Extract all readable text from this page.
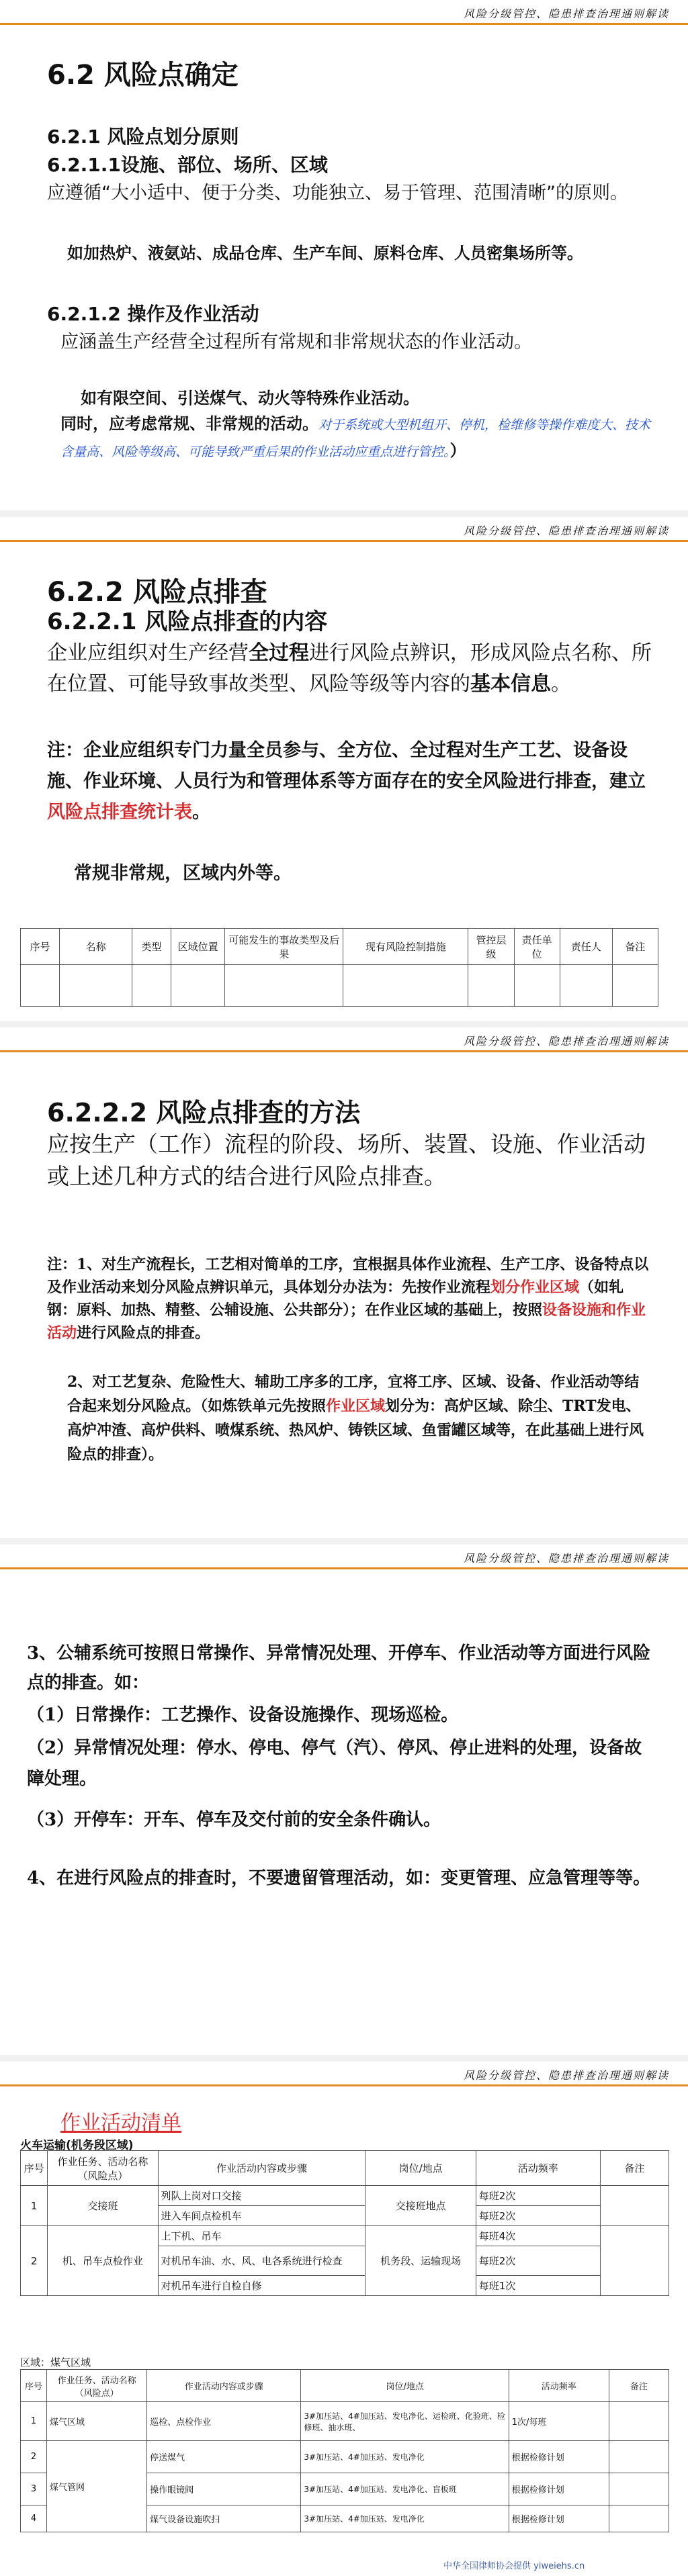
风险分级管控、隐患排查治理通则解读
6.2 风险点确定
6.2.1 风险点划分原则
6.2.1.1设施、部位、场所、区域
应遵循“大小适中、便于分类、功能独立、易于管理、范围清晰”的原则。
如加热炉、液氨站、成品仓库、生产车间、原料仓库、人员密集场所等。
6.2.1.2 操作及作业活动
应涵盖生产经营全过程所有常规和非常规状态的作业活动。
如有限空间、引送煤气、动火等特殊作业活动。
同时，应考虑常规、非常规的活动。对于系统或大型机组开、停机，检维修等操作难度大、技术含量高、风险等级高、可能导致严重后果的作业活动应重点进行管控。）
风险分级管控、隐患排查治理通则解读
6.2.2 风险点排查
6.2.2.1 风险点排查的内容
企业应组织对生产经营全过程进行风险点辨识，形成风险点名称、所在位置、可能导致事故类型、风险等级等内容的基本信息。
注：企业应组织专门力量全员参与、全方位、全过程对生产工艺、设备设施、作业环境、人员行为和管理体系等方面存在的安全风险进行排查，建立风险点排查统计表。
常规非常规，区域内外等。
序号	名称	类型	区域位置	可能发生的事故类型及后果	现有风险控制措施	管控层级	责任单位	责任人	备注

风险分级管控、隐患排查治理通则解读
6.2.2.2 风险点排查的方法
应按生产（工作）流程的阶段、场所、装置、设施、作业活动或上述几种方式的结合进行风险点排查。
注：1、对生产流程长，工艺相对简单的工序，宜根据具体作业流程、生产工序、设备特点以及作业活动来划分风险点辨识单元，具体划分办法为：先按作业流程划分作业区域（如轧钢：原料、加热、精整、公辅设施、公共部分）；在作业区域的基础上，按照设备设施和作业活动进行风险点的排查。
2、对工艺复杂、危险性大、辅助工序多的工序，宜将工序、区域、设备、作业活动等结合起来划分风险点。（如炼铁单元先按照作业区域划分为：高炉区域、除尘、TRT发电、高炉冲渣、高炉供料、喷煤系统、热风炉、铸铁区域、鱼雷罐区域等，在此基础上进行风险点的排查）。
风险分级管控、隐患排查治理通则解读
3、公辅系统可按照日常操作、异常情况处理、开停车、作业活动等方面进行风险点的排查。如：
（1）日常操作：工艺操作、设备设施操作、现场巡检。
（2）异常情况处理：停水、停电、停气（汽）、停风、停止进料的处理，设备故障处理。
（3）开停车：开车、停车及交付前的安全条件确认。
4、在进行风险点的排查时，不要遗留管理活动，如：变更管理、应急管理等等。
风险分级管控、隐患排查治理通则解读
作业活动清单
火车运输(机务段区域)
序号	作业任务、活动名称（风险点）	作业活动内容或步骤	岗位/地点	活动频率	备注
1	交接班	列队上岗对口交接	交接班地点	每班2次	
		进入车间点检机车		每班2次	
2	机、吊车点检作业	上下机、吊车	机务段、运输现场	每班4次	
		对机吊车油、水、风、电各系统进行检查		每班2次	
		对机吊车进行自检自修		每班1次	
区域：煤气区域
序号	作业任务、活动名称（风险点）	作业活动内容或步骤	岗位/地点	活动频率	备注
1	煤气区域	巡检、点检作业	3#加压站、4#加压站、发电净化、运检班、化验班、检修班、抽水班、	1次/每班	
2	煤气管网	停送煤气	3#加压站、4#加压站、发电净化	根据检修计划	
3		操作眼镜阀	3#加压站、4#加压站、发电净化、盲板班	根据检修计划	
4		煤气设备设施吹扫	3#加压站、4#加压站、发电净化	根据检修计划	
中华全国律师协会提供 yiweiehs.cn
